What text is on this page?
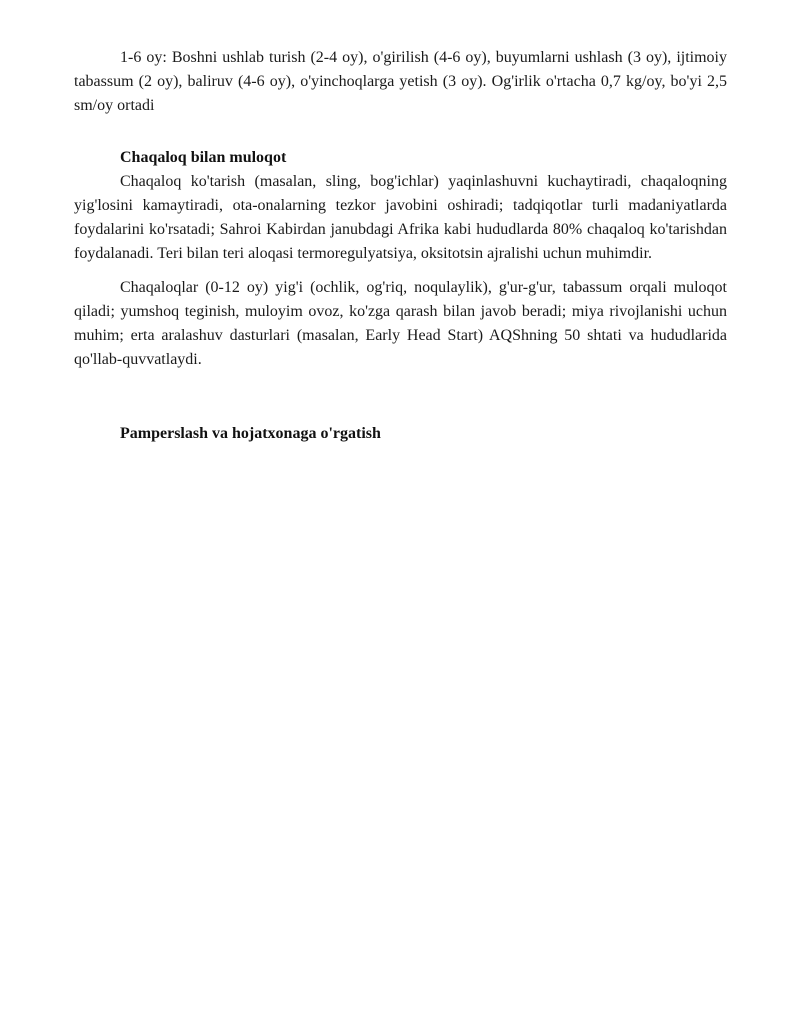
1-6 oy: Boshni ushlab turish (2-4 oy), o'girilish (4-6 oy), buyumlarni ushlash (3 oy), ijtimoiy tabassum (2 oy), baliruv (4-6 oy), o'yinchoqlarga yetish (3 oy). Og'irlik o'rtacha 0,7 kg/oy, bo'yi 2,5 sm/oy ortadi

Chaqaloq bilan muloqot

Chaqaloq ko'tarish (masalan, sling, bog'ichlar) yaqinlashuvni kuchaytiradi, chaqaloqning yig'losini kamaytiradi, ota-onalarning tezkor javobini oshiradi; tadqiqotlar turli madaniyatlarda foydalarini ko'rsatadi; Sahroi Kabirdan janubdagi Afrika kabi hududlarda 80% chaqaloq ko'tarishdan foydalanadi. Teri bilan teri aloqasi termoregulyatsiya, oksitotsin ajralishi uchun muhimdir.

Chaqaloqlar (0-12 oy) yig'i (ochlik, og'riq, noqulaylik), g'ur-g'ur, tabassum orqali muloqot qiladi; yumshoq teginish, muloyim ovoz, ko'zga qarash bilan javob beradi; miya rivojlanishi uchun muhim; erta aralashuv dasturlari (masalan, Early Head Start) AQShning 50 shtati va hududlarida qo'llab-quvvatlaydi.

Pamperslash va hojatxonaga o'rgatish
